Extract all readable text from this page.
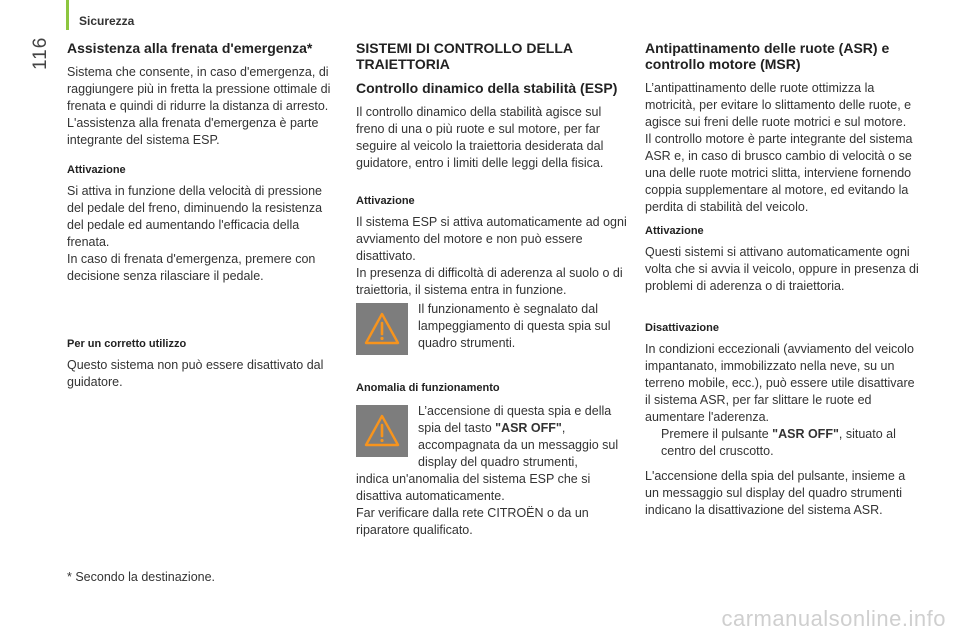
Sicurezza
116 Assistenza alla frenata d'emergenza*

Sistema che consente, in caso d'emergenza, di raggiungere più in fretta la pressione ottimale di frenata e quindi di ridurre la distanza di arresto. L'assistenza alla frenata d'emergenza è parte integrante del sistema ESP.

Attivazione

Si attiva in funzione della velocità di pressione del pedale del freno, diminuendo la resistenza del pedale ed aumentando l'efficacia della frenata.

In caso di frenata d'emergenza, premere con decisione senza rilasciare il pedale.

Per un corretto utilizzo

Questo sistema non può essere disattivato dal guidatore.

* Secondo la destinazione.
SISTEMI DI CONTROLLO DELLA TRAIETTORIA
Controllo dinamico della stabilità (ESP)

Il controllo dinamico della stabilità agisce sul freno di una o più ruote e sul motore, per far seguire al veicolo la traiettoria desiderata dal guidatore, entro i limiti delle leggi della fisica.

Attivazione

Il sistema ESP si attiva automaticamente ad ogni avviamento del motore e non può essere disattivato.

In presenza di difficoltà di aderenza al suolo o di traiettoria, il sistema entra in funzione.

Il funzionamento è segnalato dal lampeggiamento di questa spia sul quadro strumenti.

Anomalia di funzionamento

L’accensione di questa spia e della spia del tasto "ASR OFF", accompagnata da un messaggio sul display del quadro strumenti,

indica un'anomalia del sistema ESP che si disattiva automaticamente.

Far verificare dalla rete CITROËN o da un riparatore qualificato.

Antipattinamento delle ruote (ASR) e controllo motore (MSR)

L’antipattinamento delle ruote ottimizza la motricità, per evitare lo slittamento delle ruote, e agisce sui freni delle ruote motrici e sul motore.

Il controllo motore è parte integrante del sistema ASR e, in caso di brusco cambio di velocità o se una delle ruote motrici slitta, interviene fornendo coppia supplementare al motore, ed evitando la perdita di stabilità del veicolo.

Attivazione

Questi sistemi si attivano automaticamente ogni volta che si avvia il veicolo, oppure in presenza di problemi di aderenza o di traiettoria.

Disattivazione

In condizioni eccezionali (avviamento del veicolo impantanato, immobilizzato nella neve, su un terreno mobile, ecc.), può essere utile disattivare il sistema ASR, per far slittare le ruote ed aumentare l'aderenza.

Premere il pulsante "ASR OFF", situato al centro del cruscotto.

L'accensione della spia del pulsante, insieme a un messaggio sul display del quadro strumenti indicano la disattivazione del sistema ASR.

carmanualsonline.info
